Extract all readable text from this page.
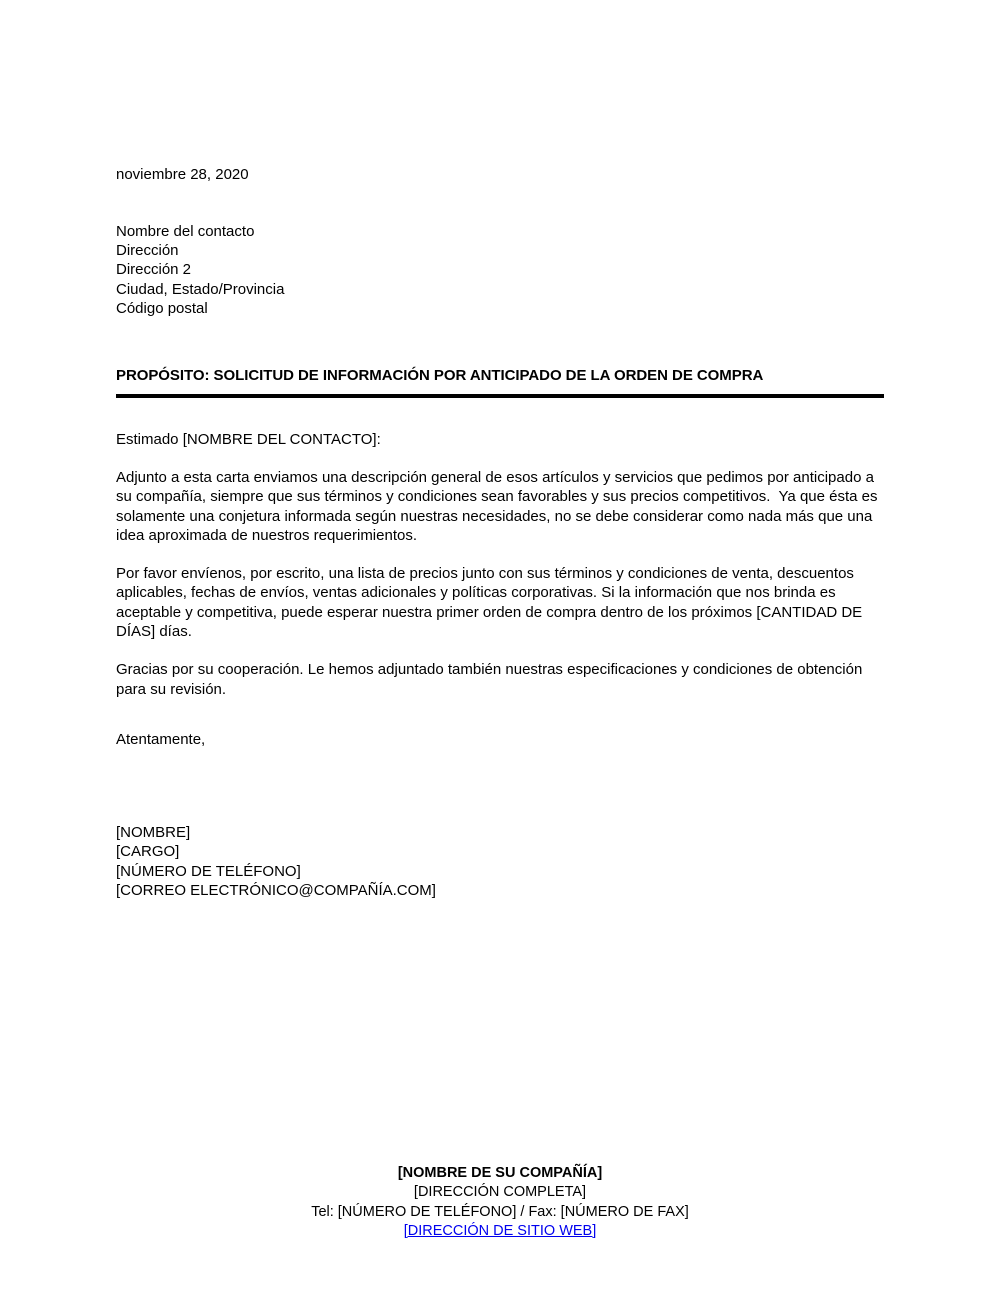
noviembre 28, 2020
Nombre del contacto
Dirección
Dirección 2
Ciudad, Estado/Provincia
Código postal
PROPÓSITO: SOLICITUD DE INFORMACIÓN POR ANTICIPADO DE LA ORDEN DE COMPRA
Estimado [NOMBRE DEL CONTACTO]:

Adjunto a esta carta enviamos una descripción general de esos artículos y servicios que pedimos por anticipado a su compañía, siempre que sus términos y condiciones sean favorables y sus precios competitivos.  Ya que ésta es solamente una conjetura informada según nuestras necesidades, no se debe considerar como nada más que una idea aproximada de nuestros requerimientos.

Por favor envíenos, por escrito, una lista de precios junto con sus términos y condiciones de venta, descuentos aplicables, fechas de envíos, ventas adicionales y políticas corporativas. Si la información que nos brinda es aceptable y competitiva, puede esperar nuestra primer orden de compra dentro de los próximos [CANTIDAD DE DÍAS] días.

Gracias por su cooperación. Le hemos adjuntado también nuestras especificaciones y condiciones de obtención para su revisión.

Atentamente,
[NOMBRE]
[CARGO]
[NÚMERO DE TELÉFONO]
[CORREO ELECTRÓNICO@COMPAÑÍA.COM]
[NOMBRE DE SU COMPAÑÍA]
[DIRECCIÓN COMPLETA]
Tel: [NÚMERO DE TELÉFONO] / Fax: [NÚMERO DE FAX]
[DIRECCIÓN DE SITIO WEB]
